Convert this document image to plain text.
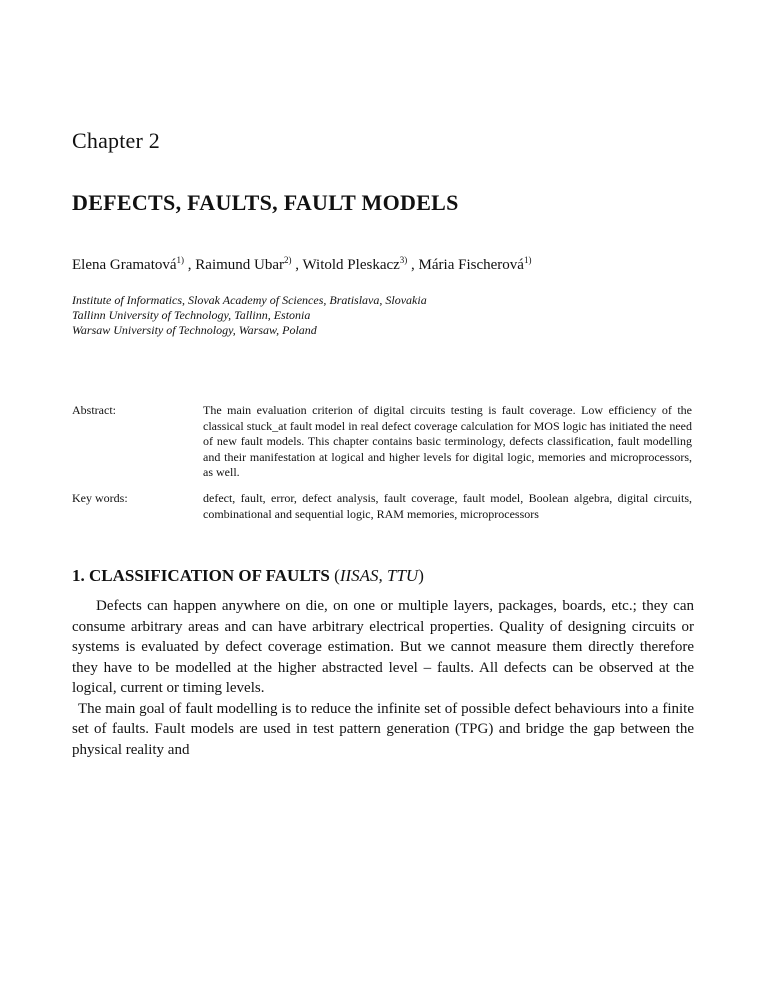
Chapter 2
DEFECTS, FAULTS, FAULT MODELS
Elena Gramatová$^{1)}$ , Raimund Ubar$^{2)}$ , Witold Pleskacz$^{3)}$ , Mária Fischerová$^{1)}$
Institute of Informatics, Slovak Academy of Sciences, Bratislava, Slovakia
Tallinn University of Technology, Tallinn, Estonia
Warsaw University of Technology, Warsaw, Poland
Abstract:	The main evaluation criterion of digital circuits testing is fault coverage. Low efficiency of the classical stuck_at fault model in real defect coverage calculation for MOS logic has initiated the need of new fault models. This chapter contains basic terminology, defects classification, fault modelling and their manifestation at logical and higher levels for digital logic, memories and microprocessors, as well.
Key words:	defect, fault, error, defect analysis, fault coverage, fault model, Boolean algebra, digital circuits, combinational and sequential logic, RAM memories, microprocessors
1. CLASSIFICATION OF FAULTS (IISAS, TTU)

Defects can happen anywhere on die, on one or multiple layers, packages, boards, etc.; they can consume arbitrary areas and can have arbitrary electrical properties. Quality of designing circuits or systems is evaluated by defect coverage estimation. But we cannot measure them directly therefore they have to be modelled at the higher abstracted level – faults. All defects can be observed at the logical, current or timing levels.

The main goal of fault modelling is to reduce the infinite set of possible defect behaviours into a finite set of faults. Fault models are used in test pattern generation (TPG) and bridge the gap between the physical reality and
